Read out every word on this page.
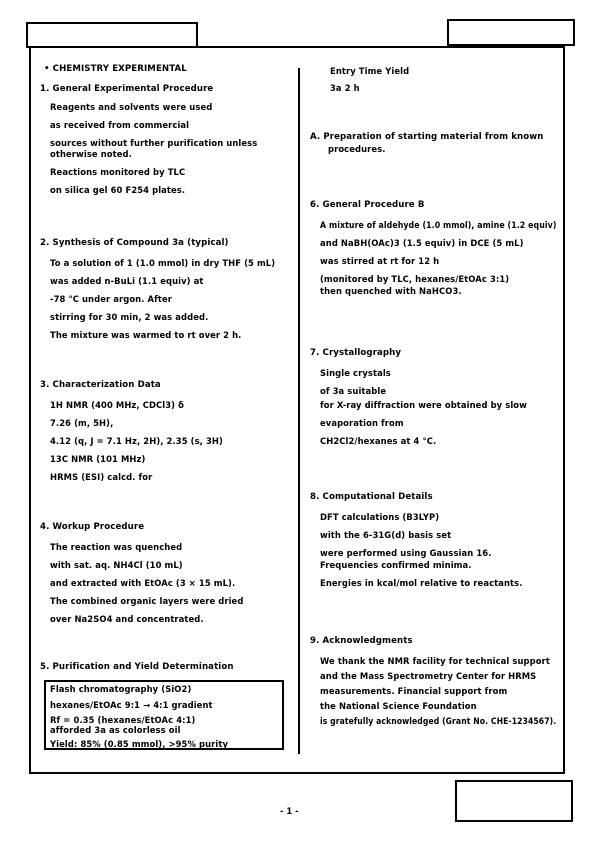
• CHEMISTRY EXPERIMENTAL
1. General Experimental Procedure
Reagents and solvents were used
as received from commercial
sources without further purification unless
otherwise noted.
Reactions monitored by TLC
on silica gel 60 F254 plates.
2. Synthesis of Compound 3a (typical)
To a solution of 1 (1.0 mmol) in dry THF (5 mL)
was added n-BuLi (1.1 equiv) at
-78 °C under argon. After
stirring for 30 min, 2 was added.
The mixture was warmed to rt over 2 h.
3. Characterization Data
1H NMR (400 MHz, CDCl3) δ
7.26 (m, 5H),
4.12 (q, J = 7.1 Hz, 2H), 2.35 (s, 3H)
13C NMR (101 MHz)
HRMS (ESI) calcd. for
4. Workup Procedure
The reaction was quenched
with sat. aq. NH4Cl (10 mL)
and extracted with EtOAc (3 × 15 mL).
The combined organic layers were dried
over Na2SO4 and concentrated.
5. Purification and Yield Determination
Flash chromatography (SiO2)
hexanes/EtOAc 9:1 → 4:1 gradient
Rf = 0.35 (hexanes/EtOAc 4:1)
afforded 3a as colorless oil
Yield: 85% (0.85 mmol), >95% purity
Entry Time Yield
3a 2 h
A. Preparation of starting material from known
procedures.
6. General Procedure B
A mixture of aldehyde (1.0 mmol), amine (1.2 equiv)
and NaBH(OAc)3 (1.5 equiv) in DCE (5 mL)
was stirred at rt for 12 h
(monitored by TLC, hexanes/EtOAc 3:1)
then quenched with NaHCO3.
7. Crystallography
Single crystals
of 3a suitable
for X-ray diffraction were obtained by slow
evaporation from
CH2Cl2/hexanes at 4 °C.
8. Computational Details
DFT calculations (B3LYP)
with the 6-31G(d) basis set
were performed using Gaussian 16.
Frequencies confirmed minima.
Energies in kcal/mol relative to reactants.
9. Acknowledgments
We thank the NMR facility for technical support
and the Mass Spectrometry Center for HRMS
measurements. Financial support from
the National Science Foundation
is gratefully acknowledged (Grant No. CHE-1234567).
- 1 -
